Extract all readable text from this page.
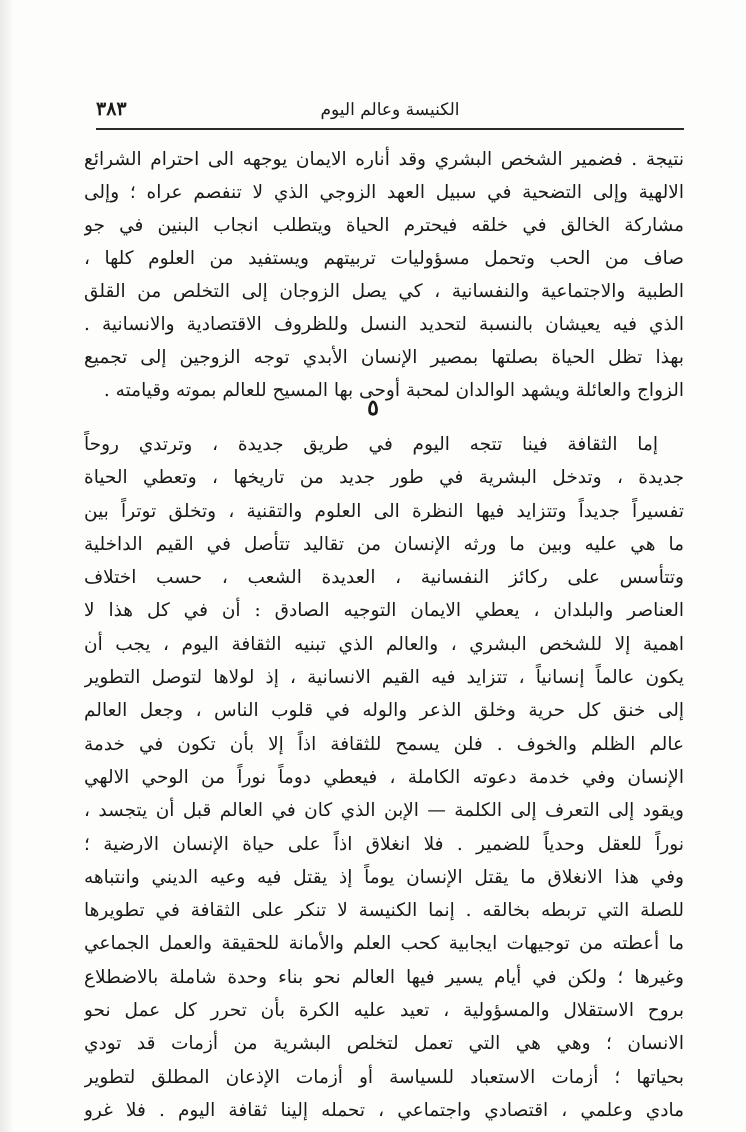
الكنيسة وعالم اليوم
٣٨٣
نتيجة . فضمير الشخص البشري وقد أناره الايمان يوجهه الى احترام الشرائع
الالهية وإلى التضحية في سبيل العهد الزوجي الذي لا تنفصم عراه ؛ وإلى
مشاركة الخالق في خلقه فيحترم الحياة ويتطلب انجاب البنين في جو
صاف من الحب وتحمل مسؤوليات تربيتهم ويستفيد من العلوم كلها ،
الطبية والاجتماعية والنفسانية ، كي يصل الزوجان إلى التخلص من القلق
الذي فيه يعيشان بالنسبة لتحديد النسل وللظروف الاقتصادية والانسانية .
بهذا تظل الحياة بصلتها بمصير الإنسان الأبدي توجه الزوجين إلى تجميع
الزواج والعائلة ويشهد الوالدان لمحبة أوحى بها المسيح للعالم بموته وقيامته .
٥
إما الثقافة فينا تتجه اليوم في طريق جديدة ، وترتدي روحاً
جديدة ، وتدخل البشرية في طور جديد من تاريخها ، وتعطي الحياة
تفسيراً جديداً وتتزايد فيها النظرة الى العلوم والتقنية ، وتخلق توتراً بين
ما هي عليه وبين ما ورثه الإنسان من تقاليد تتأصل في القيم الداخلية
وتتأسس على ركائز النفسانية ، العديدة الشعب ، حسب اختلاف
العناصر والبلدان ، يعطي الايمان التوجيه الصادق : أن في كل هذا لا
اهمية إلا للشخص البشري ، والعالم الذي تبنيه الثقافة اليوم ، يجب أن
يكون عالماً إنسانياً ، تتزايد فيه القيم الانسانية ، إذ لولاها لتوصل التطوير
إلى خنق كل حرية وخلق الذعر والوله في قلوب الناس ، وجعل العالم
عالم الظلم والخوف . فلن يسمح للثقافة اذاً إلا بأن تكون في خدمة
الإنسان وفي خدمة دعوته الكاملة ، فيعطي دوماً نوراً من الوحي الالهي
ويقود إلى التعرف إلى الكلمة — الإبن الذي كان في العالم قبل أن يتجسد ،
نوراً للعقل وحدياً للضمير . فلا انغلاق اذاً على حياة الإنسان الارضية ؛
وفي هذا الانغلاق ما يقتل الإنسان يوماً إذ يقتل فيه وعيه الديني وانتباهه
للصلة التي تربطه بخالقه . إنما الكنيسة لا تنكر على الثقافة في تطويرها
ما أعطته من توجيهات ايجابية كحب العلم والأمانة للحقيقة والعمل الجماعي
وغيرها ؛ ولكن في أيام يسير فيها العالم نحو بناء وحدة شاملة بالاضطلاع
بروح الاستقلال والمسؤولية ، تعيد عليه الكرة بأن تحرر كل عمل نحو
الانسان ؛ وهي هي التي تعمل لتخلص البشرية من أزمات قد تودي
بحياتها ؛ أزمات الاستعباد للسياسة أو أزمات الإذعان المطلق لتطوير
مادي وعلمي ، اقتصادي واجتماعي ، تحمله إلينا ثقافة اليوم . فلا غرو
